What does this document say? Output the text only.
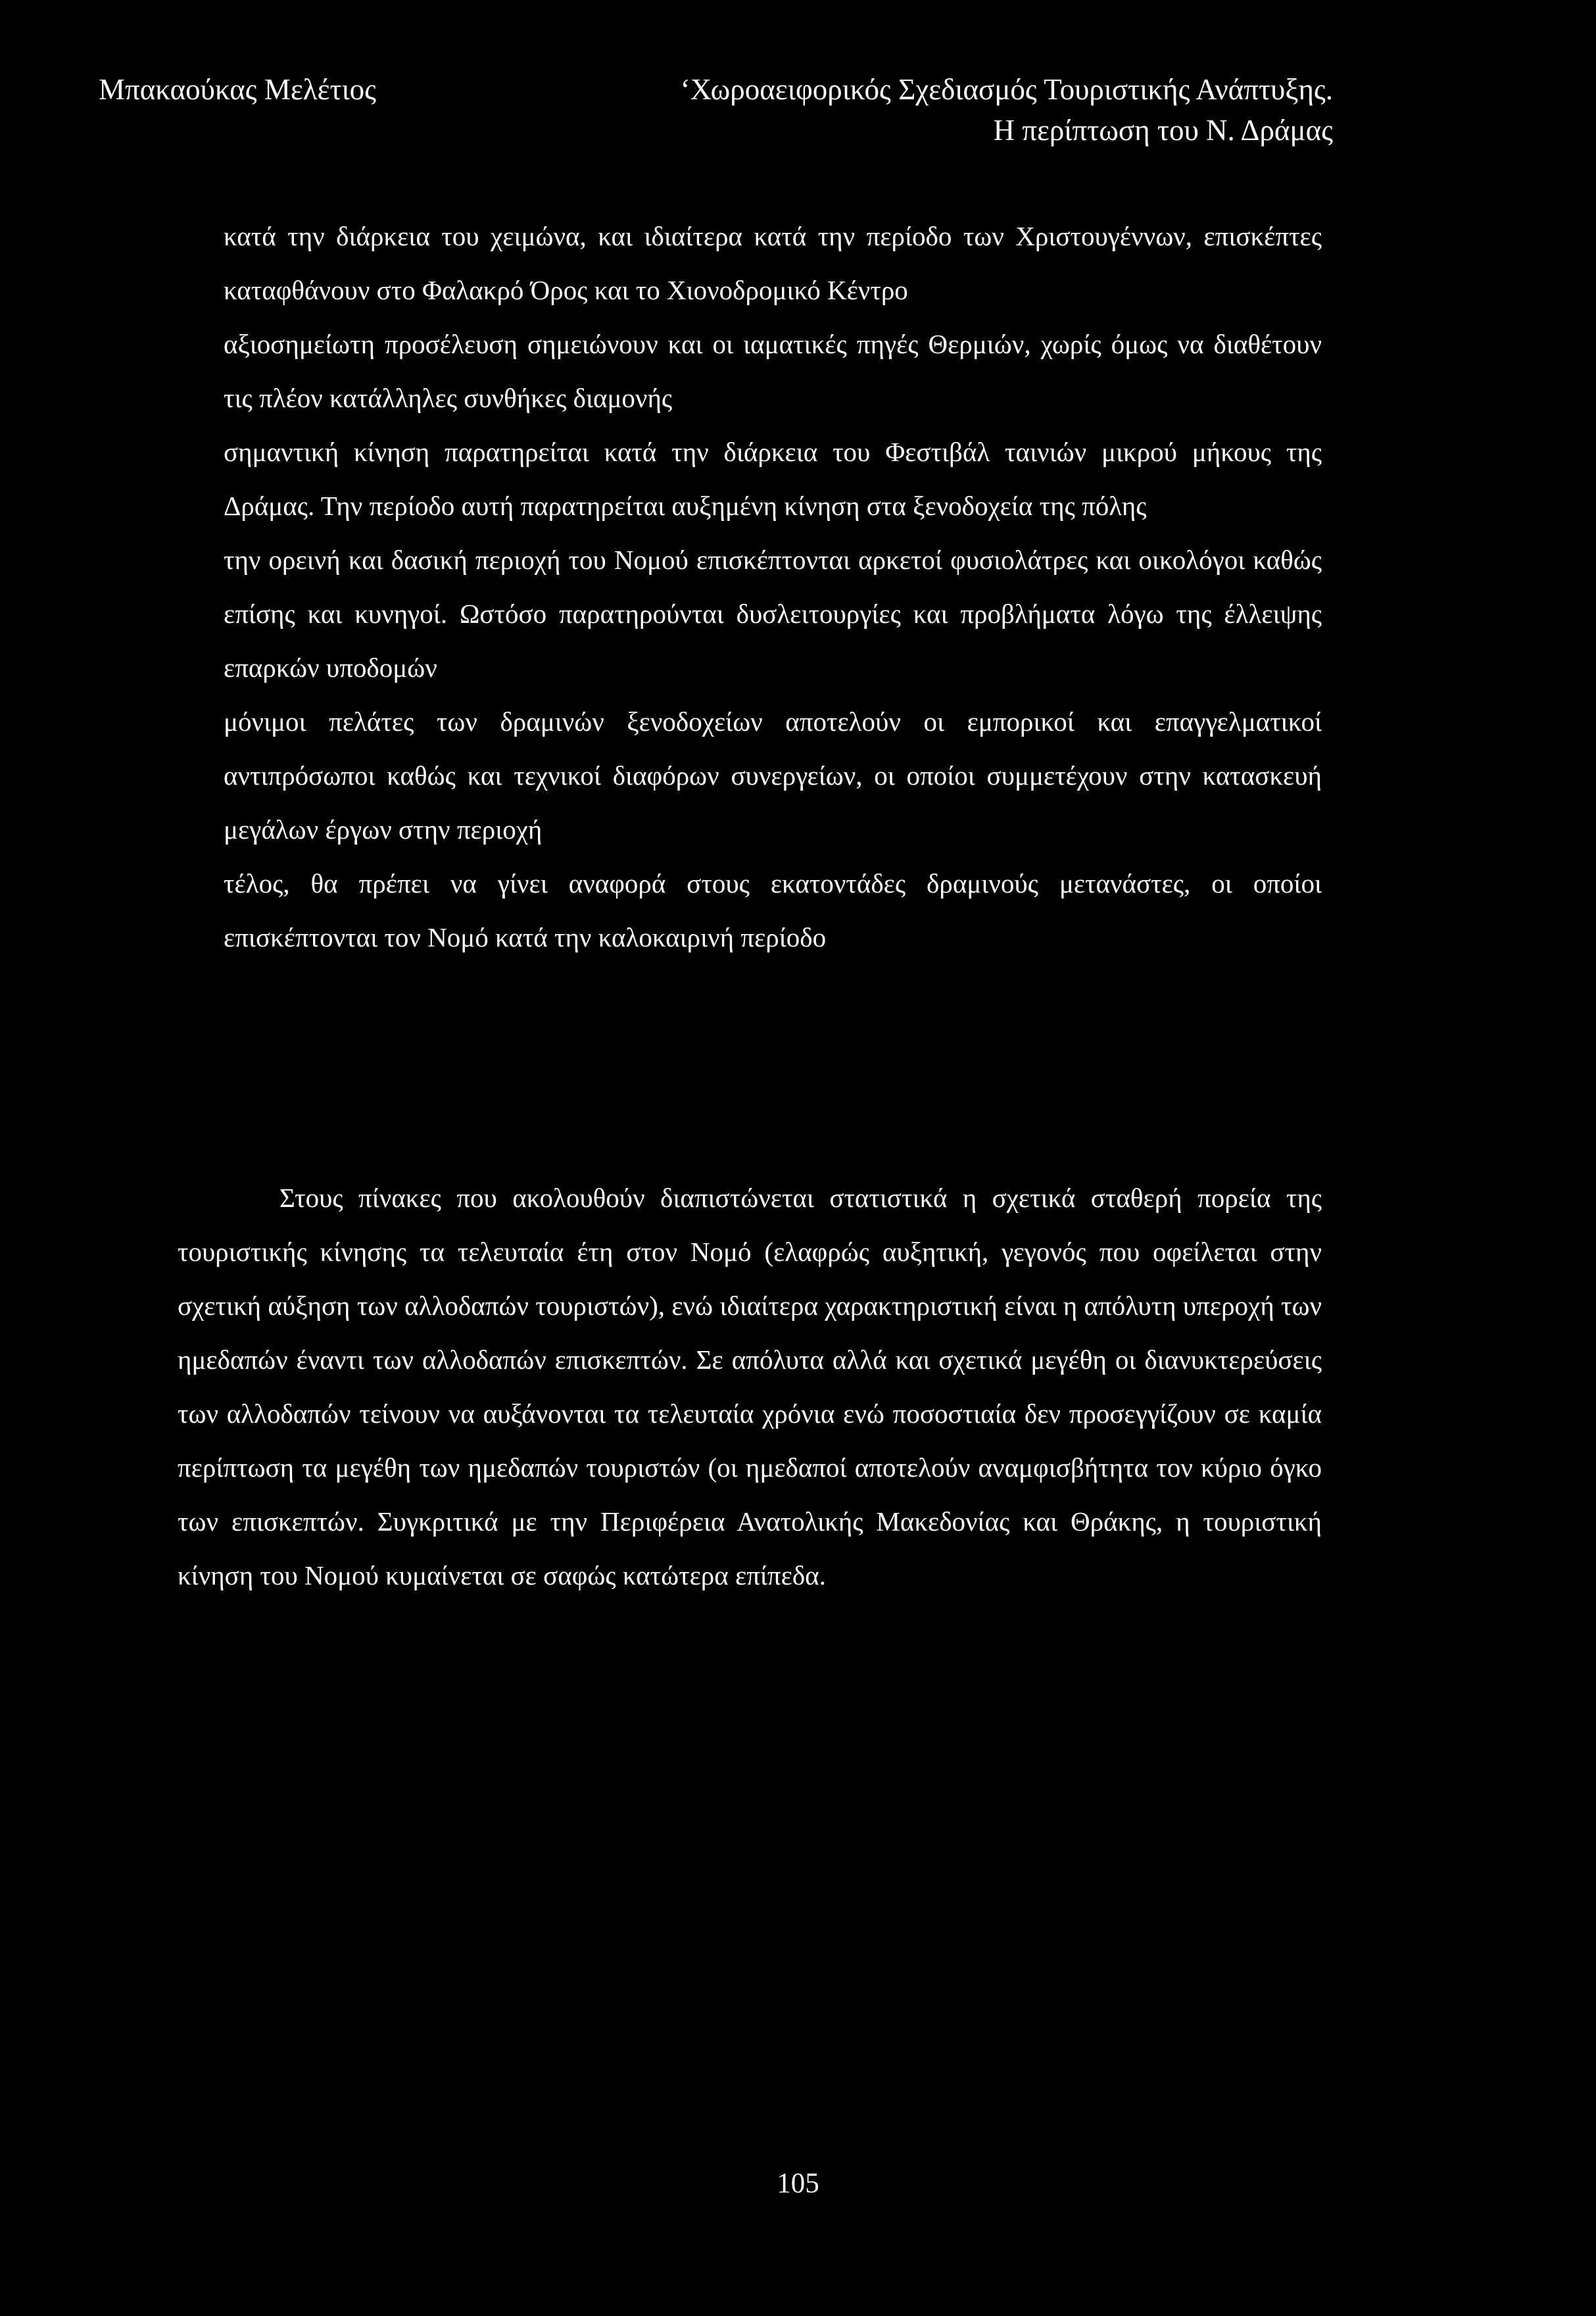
Μπακαούκας Μελέτιος	‘Χωροαειφορικός Σχεδιασμός Τουριστικής Ανάπτυξης.
Η περίπτωση του Ν. Δράμας

κατά την διάρκεια του χειμώνα, και ιδιαίτερα κατά την περίοδο των Χριστουγέννων, επισκέπτες καταφθάνουν στο Φαλακρό Όρος και το Χιονοδρομικό Κέντρο

αξιοσημείωτη προσέλευση σημειώνουν και οι ιαματικές πηγές Θερμιών, χωρίς όμως να διαθέτουν τις πλέον κατάλληλες συνθήκες διαμονής

σημαντική κίνηση παρατηρείται κατά την διάρκεια του Φεστιβάλ ταινιών μικρού μήκους της Δράμας. Την περίοδο αυτή παρατηρείται αυξημένη κίνηση στα ξενοδοχεία της πόλης

την ορεινή και δασική περιοχή του Νομού επισκέπτονται αρκετοί φυσιολάτρες και οικολόγοι καθώς επίσης και κυνηγοί. Ωστόσο παρατηρούνται δυσλειτουργίες και προβλήματα λόγω της έλλειψης επαρκών υποδομών

μόνιμοι πελάτες των δραμινών ξενοδοχείων αποτελούν οι εμπορικοί και επαγγελματικοί αντιπρόσωποι καθώς και τεχνικοί διαφόρων συνεργείων, οι οποίοι συμμετέχουν στην κατασκευή μεγάλων έργων στην περιοχή

τέλος, θα πρέπει να γίνει αναφορά στους εκατοντάδες δραμινούς μετανάστες, οι οποίοι επισκέπτονται τον Νομό κατά την καλοκαιρινή περίοδο

Στους πίνακες που ακολουθούν διαπιστώνεται στατιστικά η σχετικά σταθερή πορεία της τουριστικής κίνησης τα τελευταία έτη στον Νομό (ελαφρώς αυξητική, γεγονός που οφείλεται στην σχετική αύξηση των αλλοδαπών τουριστών), ενώ ιδιαίτερα χαρακτηριστική είναι η απόλυτη υπεροχή των ημεδαπών έναντι των αλλοδαπών επισκεπτών. Σε απόλυτα αλλά και σχετικά μεγέθη οι διανυκτερεύσεις των αλλοδαπών τείνουν να αυξάνονται τα τελευταία χρόνια ενώ ποσοστιαία δεν προσεγγίζουν σε καμία περίπτωση τα μεγέθη των ημεδαπών τουριστών (οι ημεδαποί αποτελούν αναμφισβήτητα τον κύριο όγκο των επισκεπτών. Συγκριτικά με την Περιφέρεια Ανατολικής Μακεδονίας και Θράκης, η τουριστική κίνηση του Νομού κυμαίνεται σε σαφώς κατώτερα επίπεδα.

105
